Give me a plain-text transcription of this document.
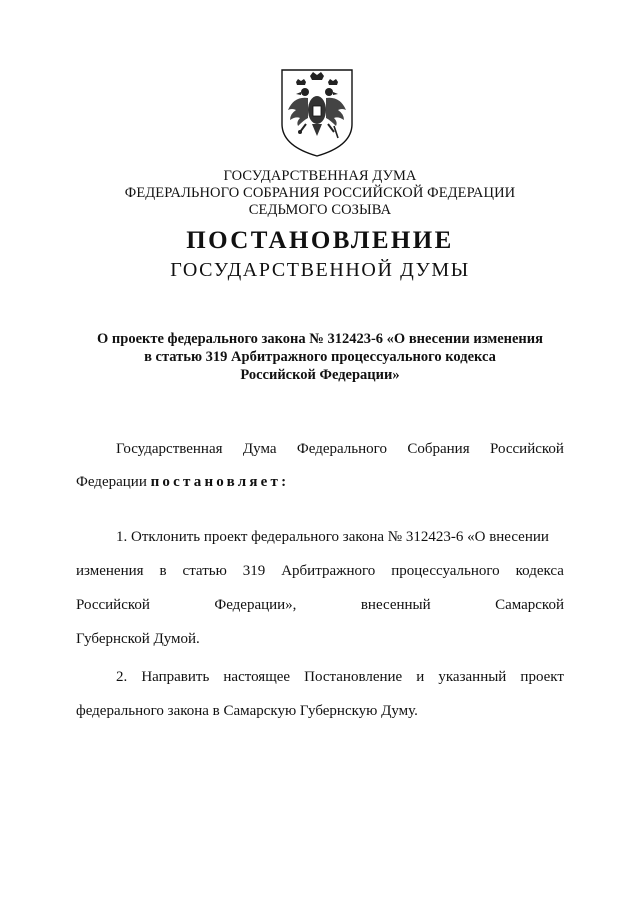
ГОСУДАРСТВЕННАЯ ДУМА
ФЕДЕРАЛЬНОГО СОБРАНИЯ РОССИЙСКОЙ ФЕДЕРАЦИИ
СЕДЬМОГО СОЗЫВА
ПОСТАНОВЛЕНИЕ
ГОСУДАРСТВЕННОЙ ДУМЫ
О проекте федерального закона № 312423-6 «О внесении изменения
в статью 319 Арбитражного процессуального кодекса
Российской Федерации»
Государственная Дума Федерального Собрания Российской
Федерации постановляет:
1. Отклонить проект федерального закона № 312423-6 «О внесении
изменения в статью 319 Арбитражного процессуального кодекса
Российской	Федерации»,	внесенный	Самарской
Губернской Думой.
2. Направить настоящее Постановление и указанный проект
федерального закона в Самарскую Губернскую Думу.
